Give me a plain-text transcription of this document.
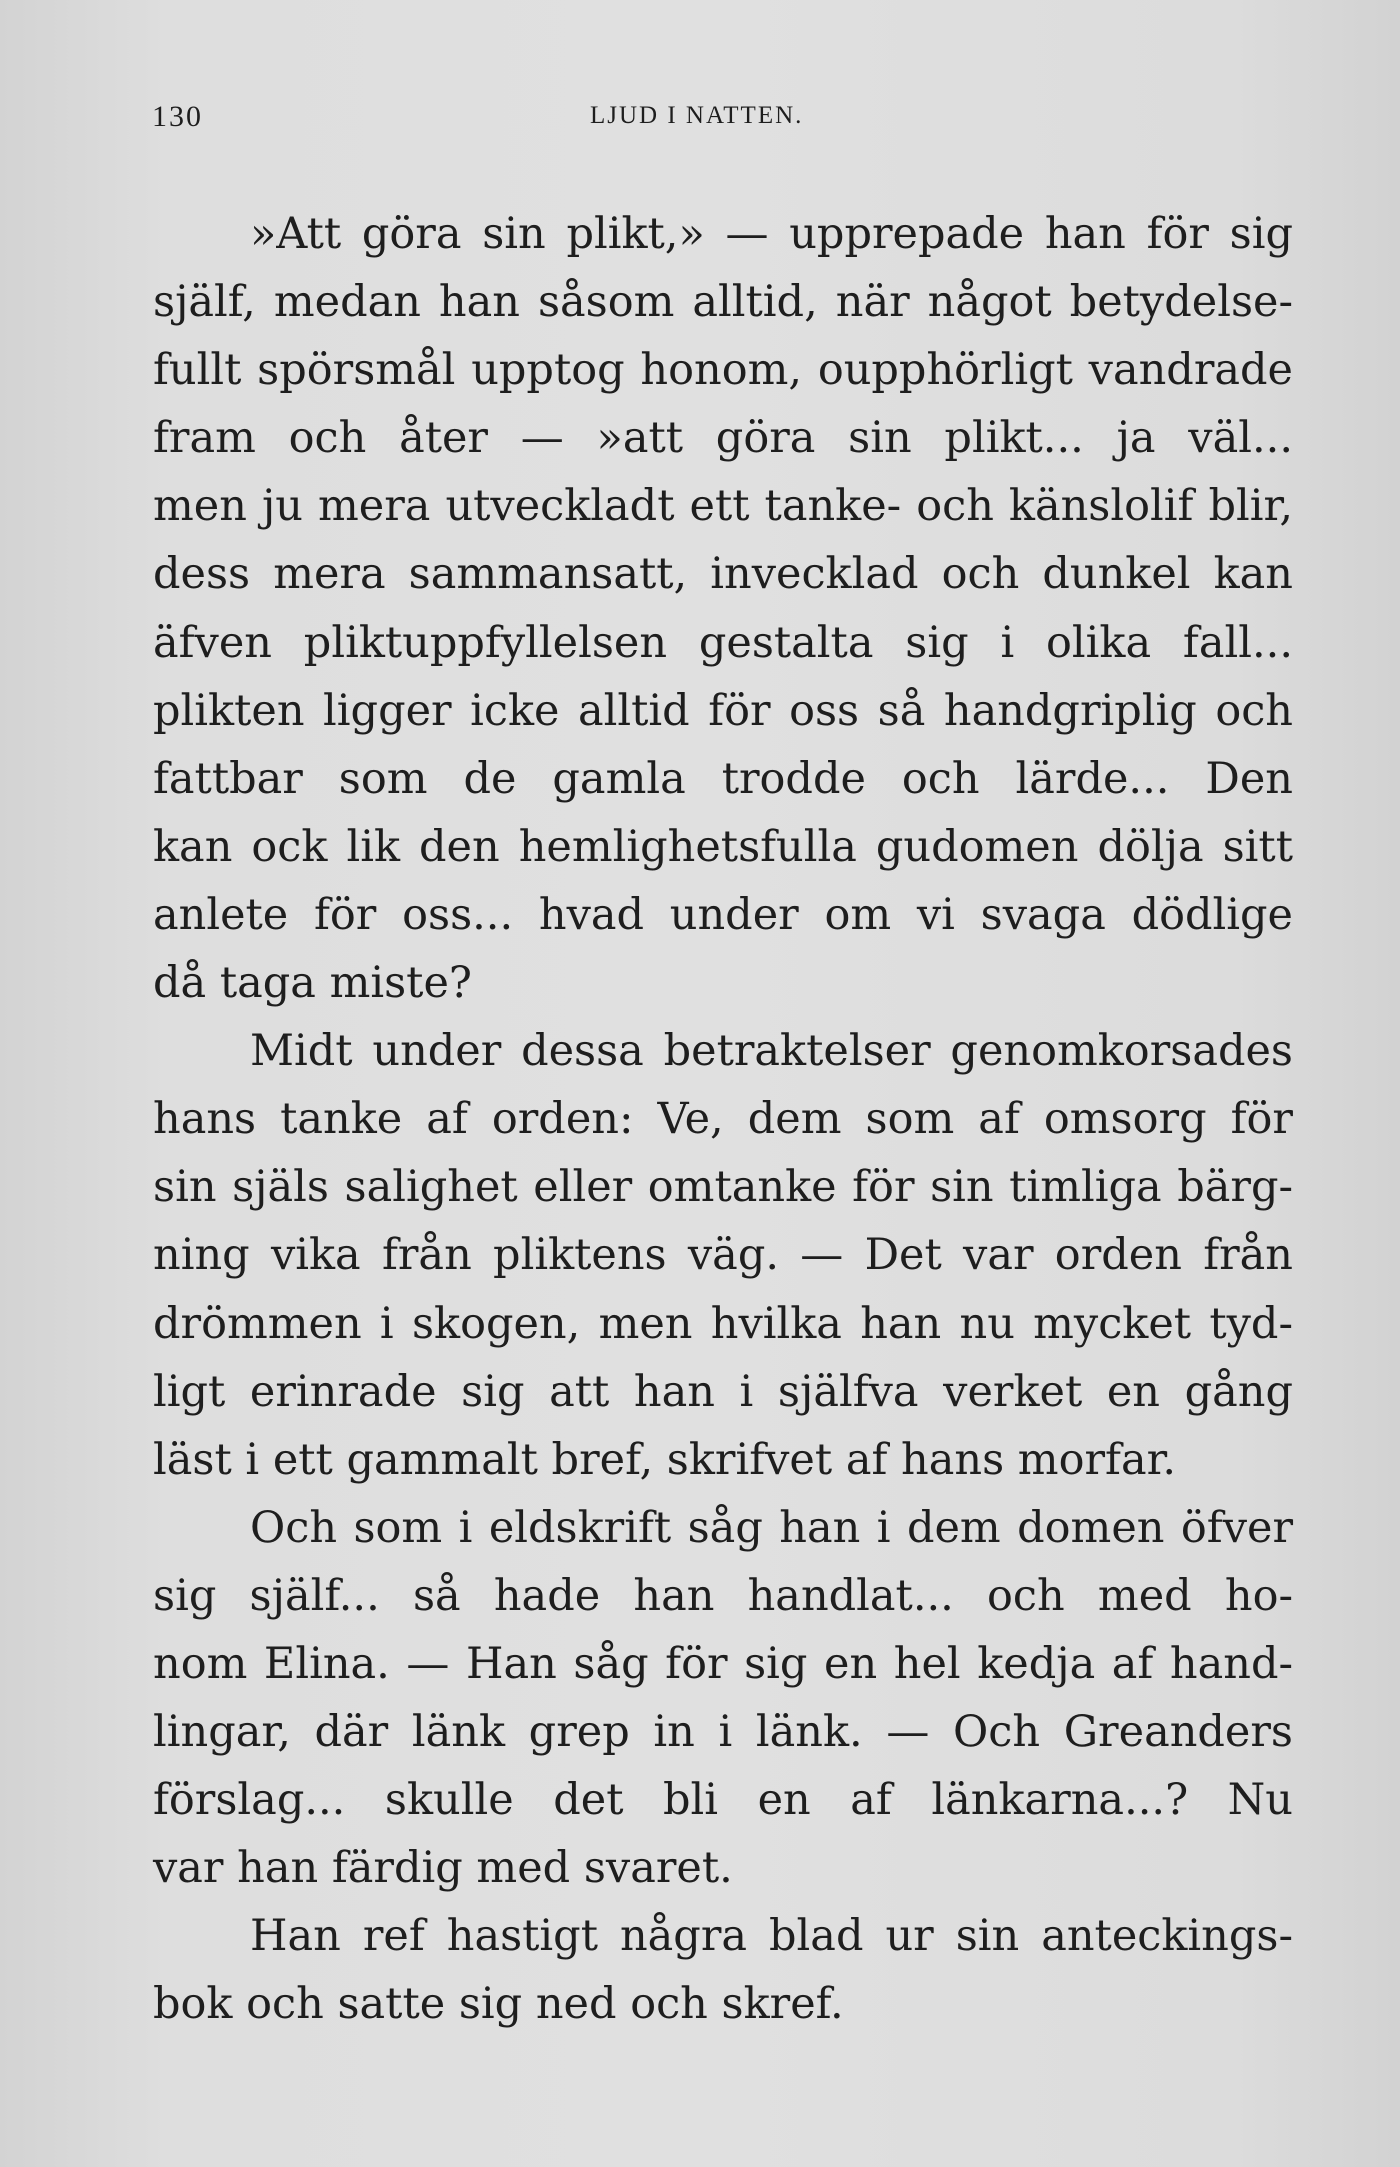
130	LJUD I NATTEN.
»Att göra sin plikt,» — upprepade han för sig
själf, medan han såsom alltid, när något betydelse-
fullt spörsmål upptog honom, oupphörligt vandrade
fram och åter — »att göra sin plikt... ja väl...
men ju mera utveckladt ett tanke- och känslolif blir,
dess mera sammansatt, invecklad och dunkel kan
äfven pliktuppfyllelsen gestalta sig i olika fall...
plikten ligger icke alltid för oss så handgriplig och
fattbar som de gamla trodde och lärde... Den
kan ock lik den hemlighetsfulla gudomen dölja sitt
anlete för oss... hvad under om vi svaga dödlige
då taga miste?
Midt under dessa betraktelser genomkorsades
hans tanke af orden: Ve, dem som af omsorg för
sin själs salighet eller omtanke för sin timliga bärg-
ning vika från pliktens väg. — Det var orden från
drömmen i skogen, men hvilka han nu mycket tyd-
ligt erinrade sig att han i själfva verket en gång
läst i ett gammalt bref, skrifvet af hans morfar.
Och som i eldskrift såg han i dem domen öfver
sig själf... så hade han handlat... och med ho-
nom Elina. — Han såg för sig en hel kedja af hand-
lingar, där länk grep in i länk. — Och Greanders
förslag... skulle det bli en af länkarna...? Nu
var han färdig med svaret.
Han ref hastigt några blad ur sin anteckings-
bok och satte sig ned och skref.
